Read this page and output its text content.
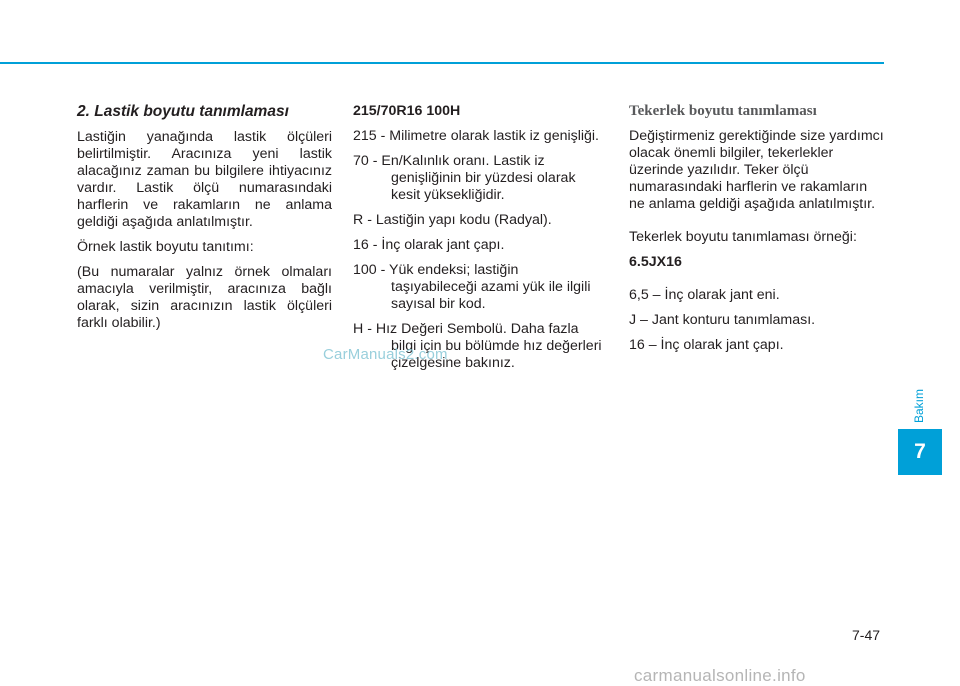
2. Lastik boyutu tanımlaması

Lastiğin yanağında lastik ölçüleri belirtilmiştir. Aracınıza yeni lastik alacağınız zaman bu bilgilere ihtiyacınız vardır. Lastik ölçü numarasındaki harflerin ve rakamların ne anlama geldiği aşağıda anlatılmıştır.

Örnek lastik boyutu tanıtımı:

(Bu numaralar yalnız örnek olmaları amacıyla verilmiştir, aracınıza bağlı olarak, sizin aracınızın lastik ölçüleri farklı olabilir.)

215/70R16 100H

215 - Milimetre olarak lastik iz genişliği.

70 - En/Kalınlık oranı. Lastik iz genişliğinin bir yüzdesi olarak kesit yüksekliğidir.

R - Lastiğin yapı kodu (Radyal).

16 - İnç olarak jant çapı.

100 - Yük endeksi; lastiğin taşıyabileceği azami yük ile ilgili sayısal bir kod.

H - Hız Değeri Sembolü. Daha fazla bilgi için bu bölümde hız değerleri çizelgesine bakınız.

Tekerlek boyutu tanımlaması

Değiştirmeniz gerektiğinde size yardımcı olacak önemli bilgiler, tekerlekler üzerinde yazılıdır. Teker ölçü numarasındaki harflerin ve rakamların ne anlama geldiği aşağıda anlatılmıştır.

Tekerlek boyutu tanımlaması örneği:

6.5JX16

6,5 – İnç olarak jant eni.

J – Jant konturu tanımlaması.

16 – İnç olarak jant çapı.

CarManuals2.com
Bakım
7
7-47
carmanualsonline.info
